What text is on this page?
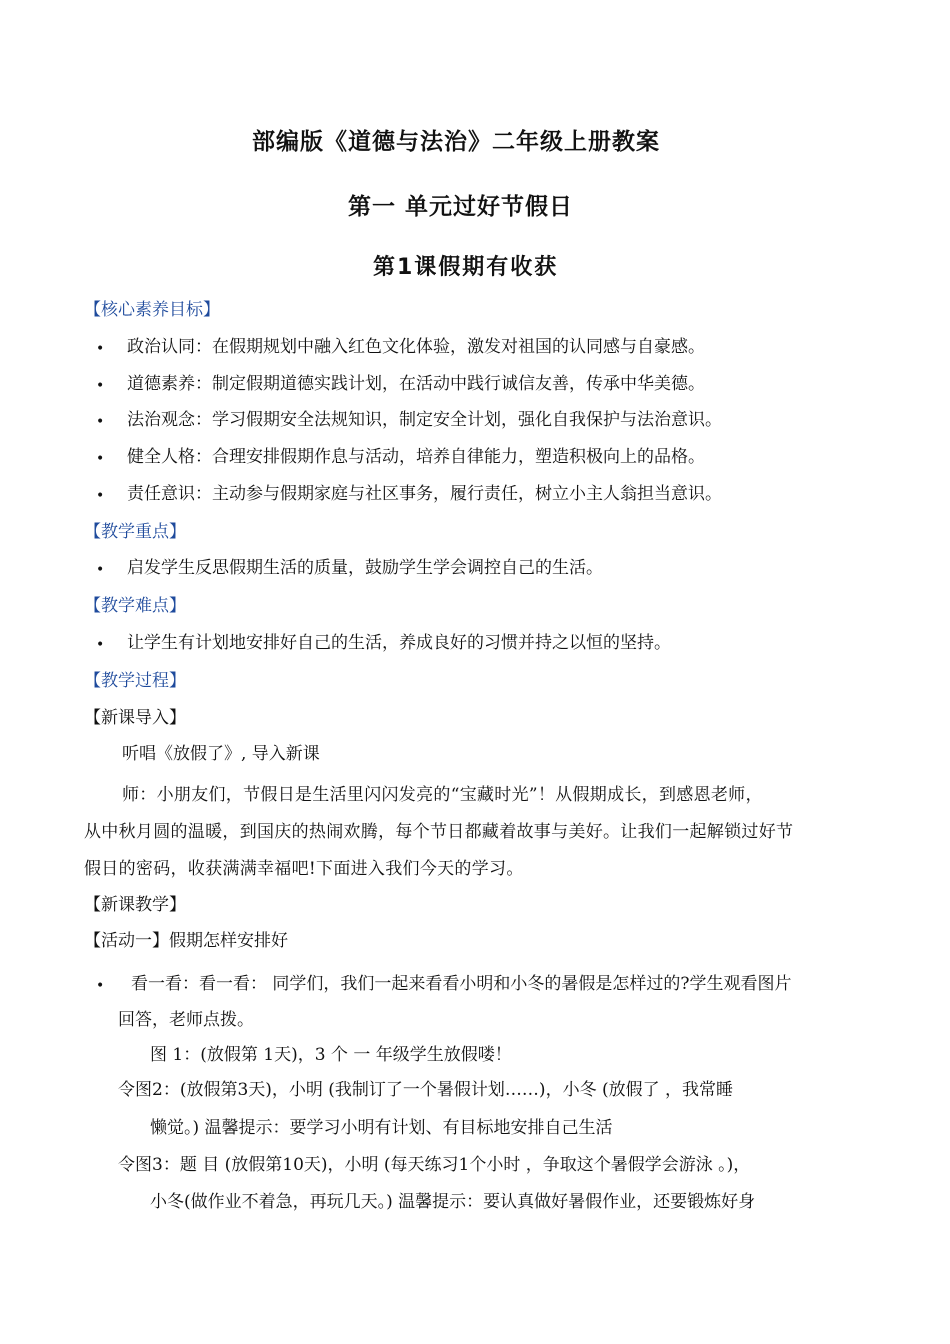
部编版《道德与法治》二年级上册教案
第一 单元过好节假日
第1课假期有收获
【核心素养目标】
• 政治认同：在假期规划中融入红色文化体验，激发对祖国的认同感与自豪感。
• 道德素养：制定假期道德实践计划，在活动中践行诚信友善，传承中华美德。
• 法治观念：学习假期安全法规知识，制定安全计划，强化自我保护与法治意识。
• 健全人格：合理安排假期作息与活动，培养自律能力，塑造积极向上的品格。
• 责任意识：主动参与假期家庭与社区事务，履行责任，树立小主人翁担当意识。
【教学重点】
• 启发学生反思假期生活的质量，鼓励学生学会调控自己的生活。
【教学难点】
• 让学生有计划地安排好自己的生活，养成良好的习惯并持之以恒的坚持。
【教学过程】
【新课导入】
听唱《放假了》, 导入新课
师：小朋友们，节假日是生活里闪闪发亮的“宝藏时光”！从假期成长，到感恩老师，
从中秋月圆的温暖，到国庆的热闹欢腾，每个节日都藏着故事与美好。让我们一起解锁过好节
假日的密码，收获满满幸福吧!下面进入我们今天的学习。
【新课教学】
【活动一】假期怎样安排好
• 看一看：看一看： 同学们，我们一起来看看小明和小冬的暑假是怎样过的?学生观看图片
回答，老师点拨。
图 1：(放假第 1天)，3 个 一 年级学生放假喽！
令图2：(放假第3天)，小明 (我制订了一个暑假计划……)，小冬 (放假了 ，我常睡
懒觉。) 温馨提示：要学习小明有计划、有目标地安排自己生活
令图3：题 目 (放假第10天)，小明 (每天练习1个小时 ，争取这个暑假学会游泳 。)，
小冬(做作业不着急，再玩几天。) 温馨提示：要认真做好暑假作业，还要锻炼好身
